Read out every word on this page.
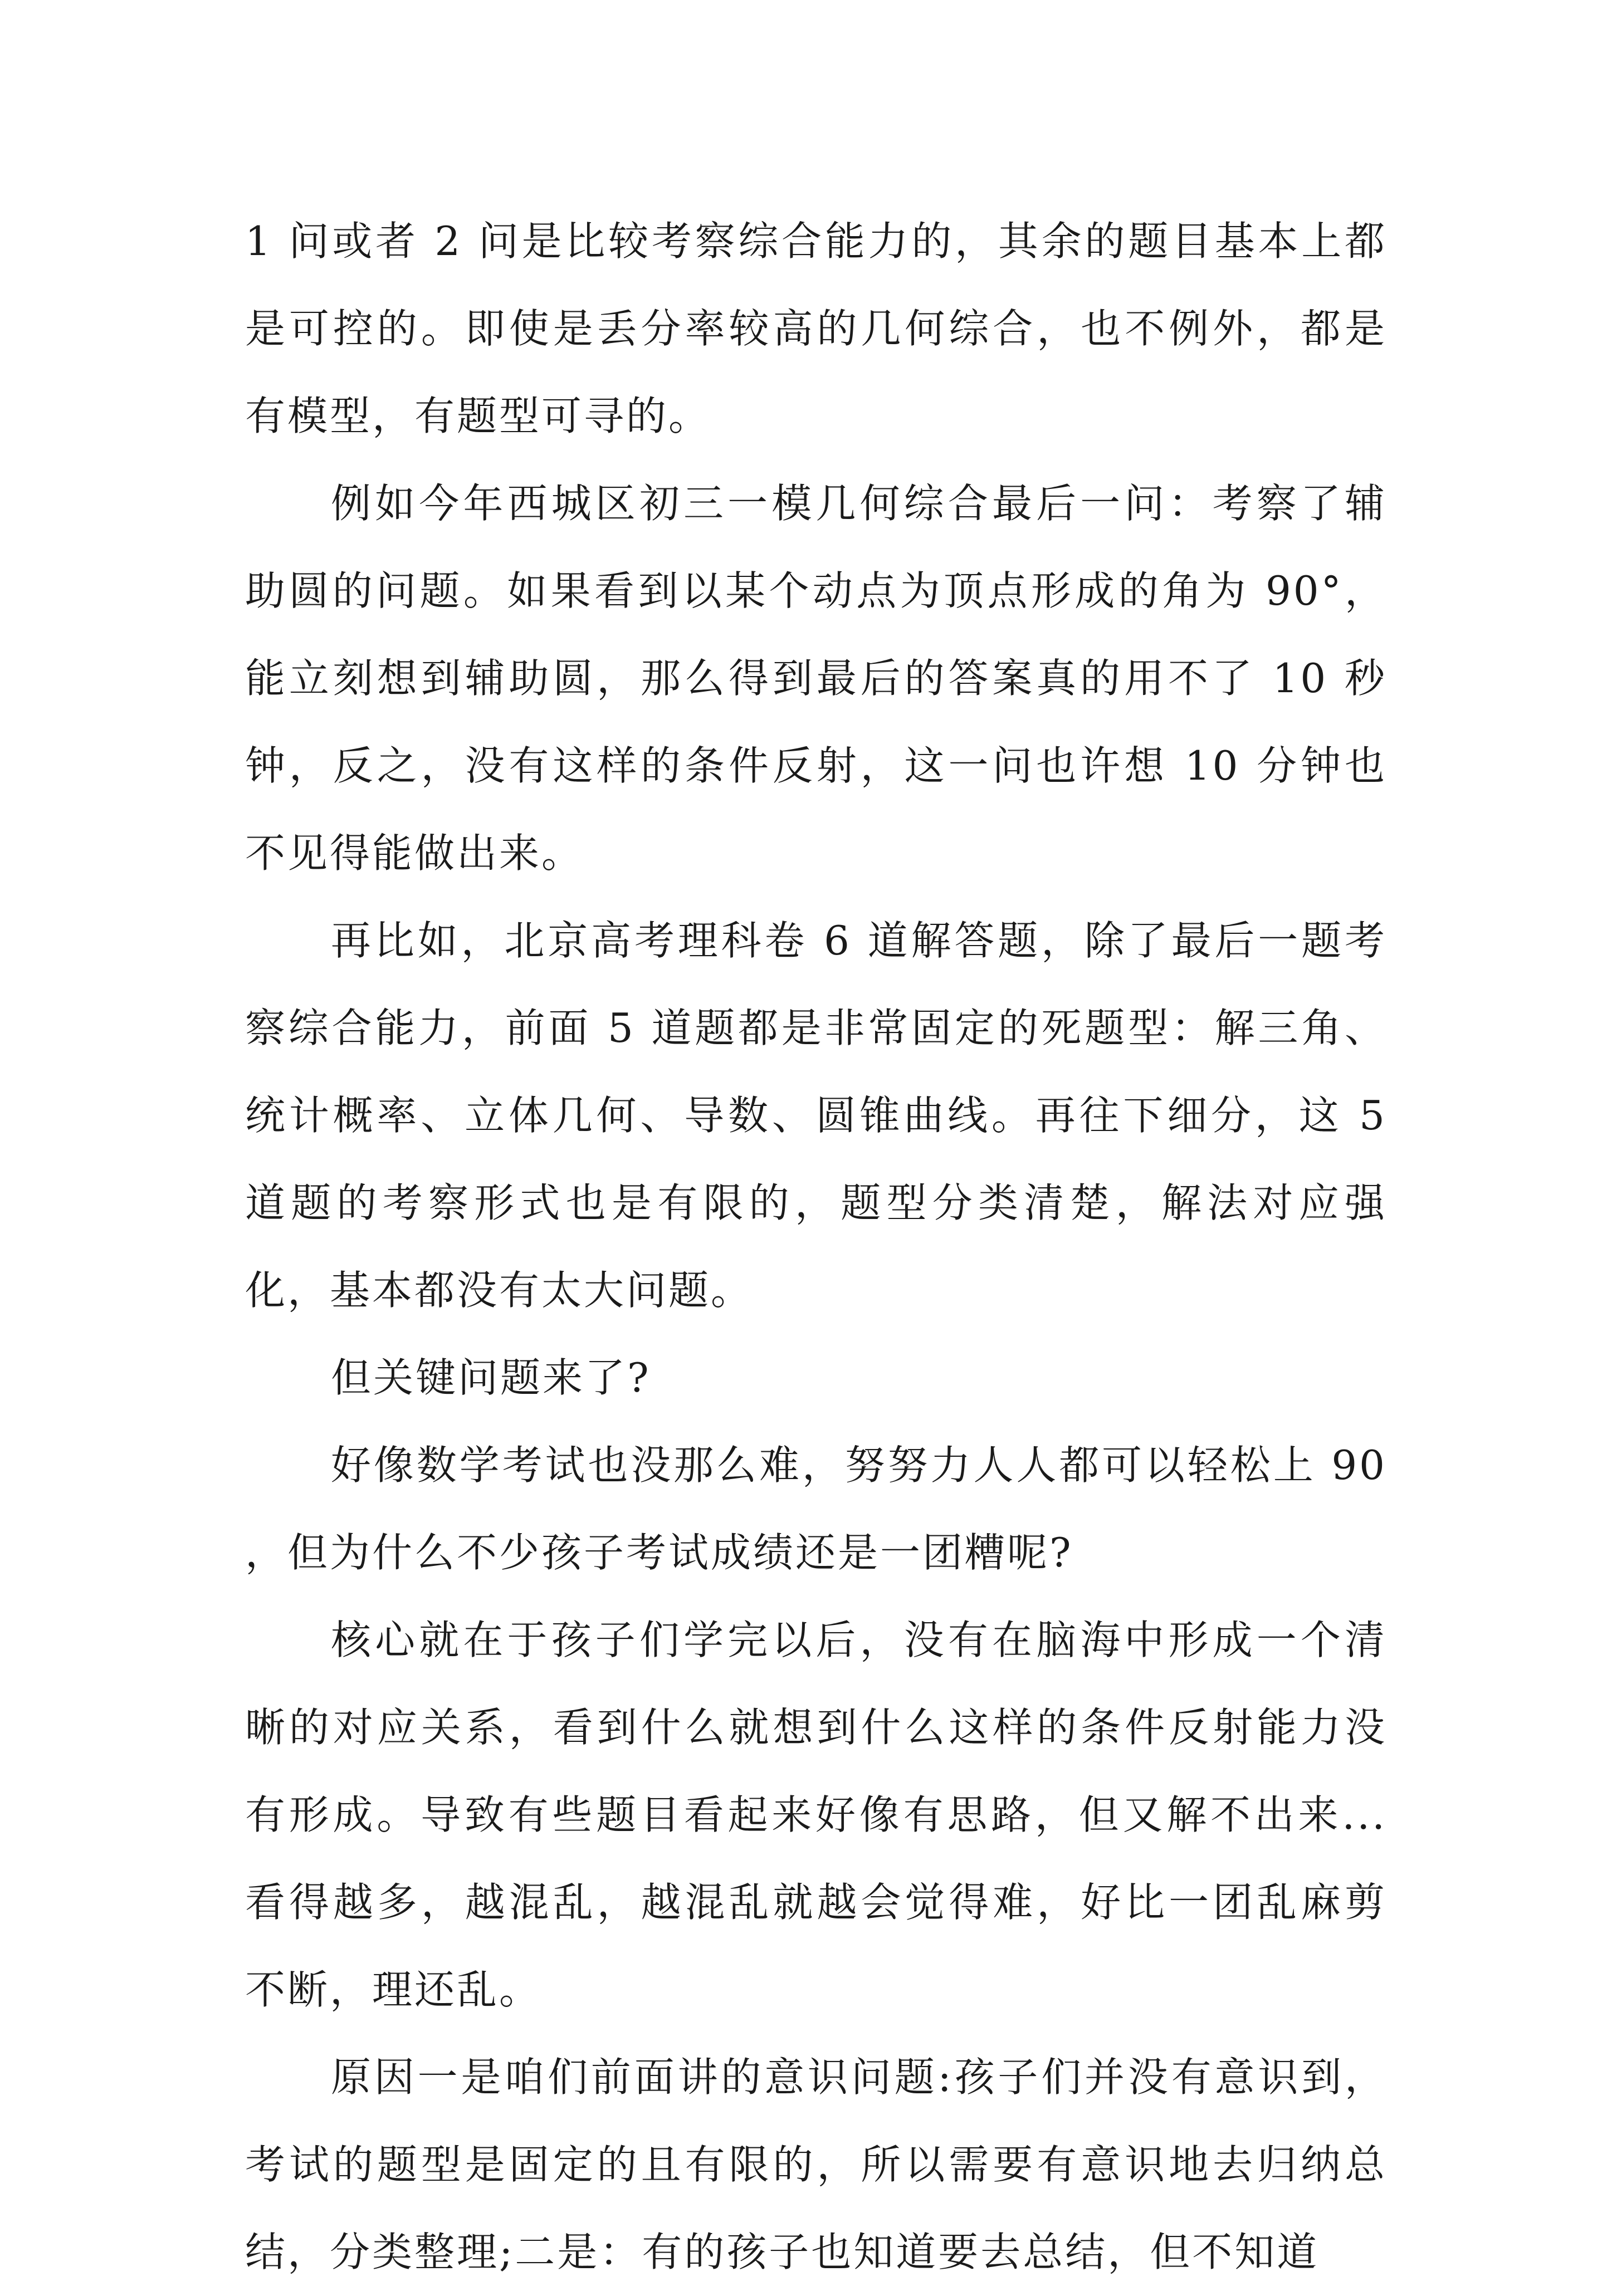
1 问或者 2 问是比较考察综合能力的，其余的题目基本上都是可控的。即使是丢分率较高的几何综合，也不例外，都是有模型，有题型可寻的。

例如今年西城区初三一模几何综合最后一问：考察了辅助圆的问题。如果看到以某个动点为顶点形成的角为 90°，能立刻想到辅助圆，那么得到最后的答案真的用不了 10 秒钟，反之，没有这样的条件反射，这一问也许想 10 分钟也不见得能做出来。

再比如，北京高考理科卷 6 道解答题，除了最后一题考察综合能力，前面 5 道题都是非常固定的死题型：解三角、统计概率、立体几何、导数、圆锥曲线。再往下细分，这 5 道题的考察形式也是有限的，题型分类清楚，解法对应强化，基本都没有太大问题。

但关键问题来了?

好像数学考试也没那么难，努努力人人都可以轻松上 90 ，但为什么不少孩子考试成绩还是一团糟呢?

核心就在于孩子们学完以后，没有在脑海中形成一个清晰的对应关系，看到什么就想到什么这样的条件反射能力没有形成。导致有些题目看起来好像有思路，但又解不出来...看得越多，越混乱，越混乱就越会觉得难，好比一团乱麻剪不断，理还乱。

原因一是咱们前面讲的意识问题:孩子们并没有意识到，考试的题型是固定的且有限的，所以需要有意识地去归纳总结，分类整理;二是：有的孩子也知道要去总结，但不知道
